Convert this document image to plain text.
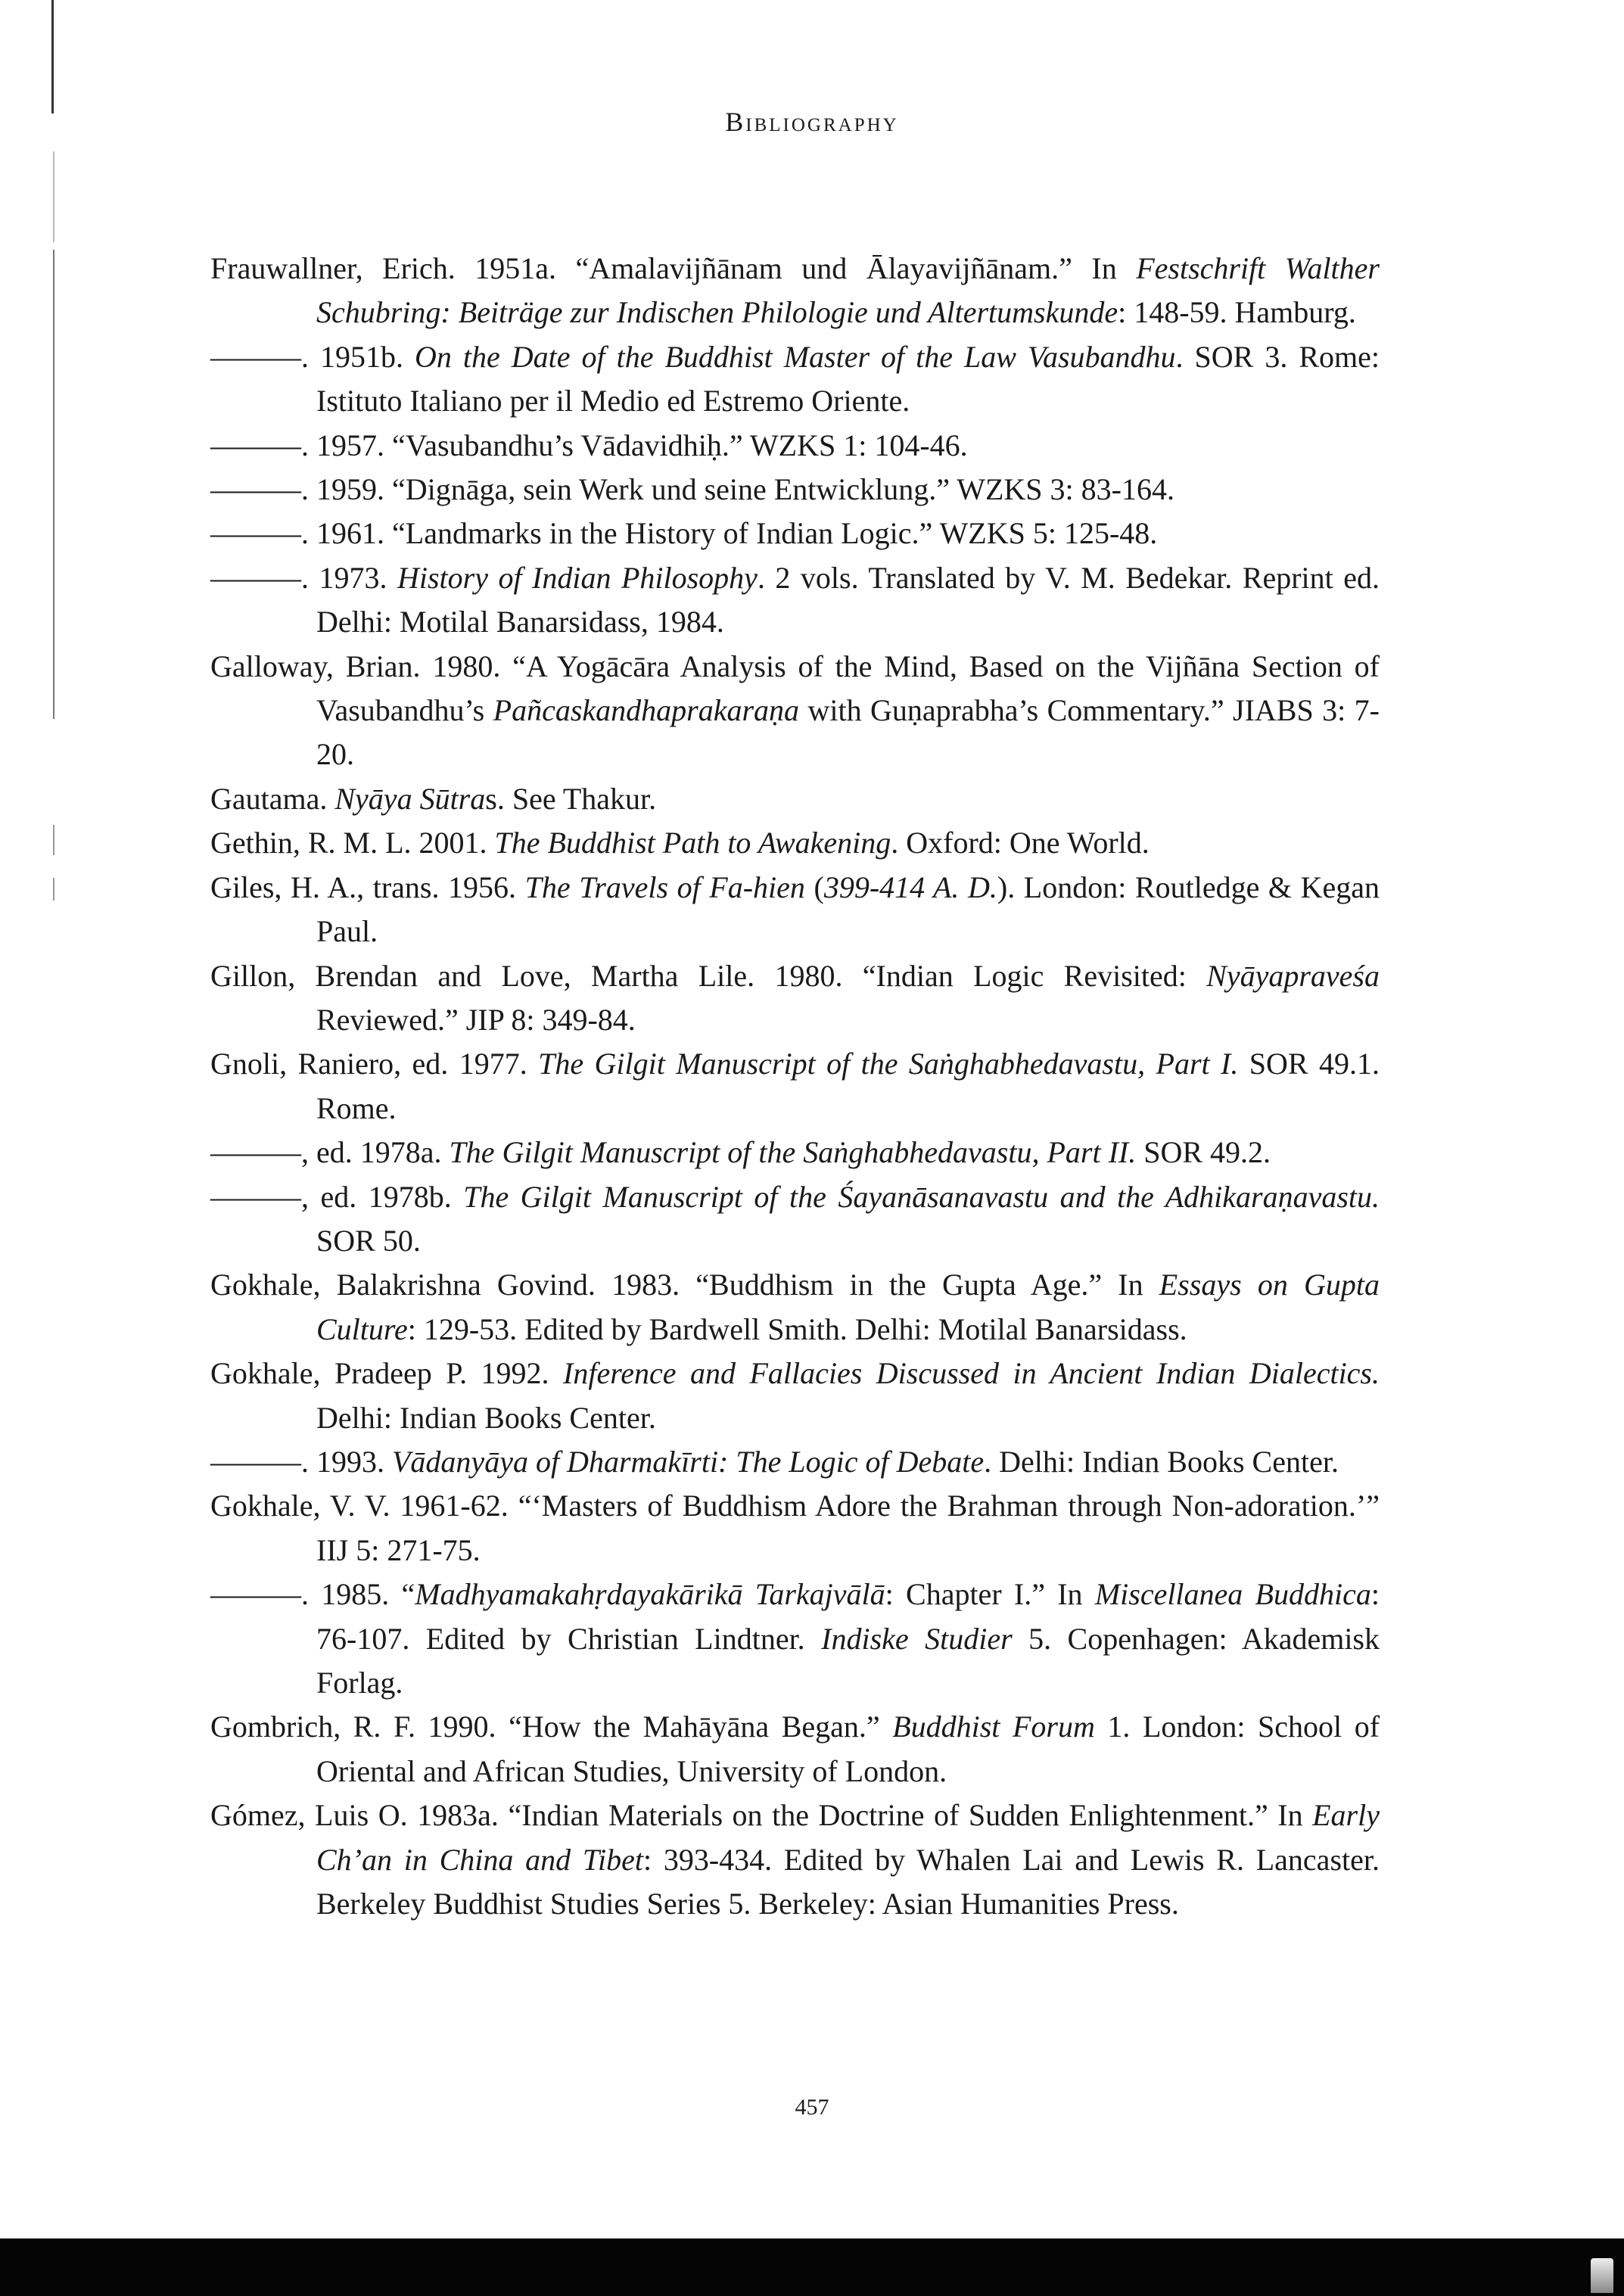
Bibliography

Frauwallner, Erich. 1951a. “Amalavijñānam und Ālayavijñānam.” In Festschrift Walther Schubring: Beiträge zur Indischen Philologie und Altertumskunde: 148-59. Hamburg.

———. 1951b. On the Date of the Buddhist Master of the Law Vasubandhu. SOR 3. Rome: Istituto Italiano per il Medio ed Estremo Oriente.

———. 1957. “Vasubandhu’s Vādavidhiḥ.” WZKS 1: 104-46.

———. 1959. “Dignāga, sein Werk und seine Entwicklung.” WZKS 3: 83-164.

———. 1961. “Landmarks in the History of Indian Logic.” WZKS 5: 125-48.

———. 1973. History of Indian Philosophy. 2 vols. Translated by V. M. Bedekar. Reprint ed. Delhi: Motilal Banarsidass, 1984.

Galloway, Brian. 1980. “A Yogācāra Analysis of the Mind, Based on the Vijñāna Section of Vasubandhu’s Pañcaskandhaprakaraṇa with Guṇaprabha’s Commentary.” JIABS 3: 7-20.

Gautama. Nyāya Sūtras. See Thakur.

Gethin, R. M. L. 2001. The Buddhist Path to Awakening. Oxford: One World.

Giles, H. A., trans. 1956. The Travels of Fa-hien (399-414 A. D.). London: Routledge & Kegan Paul.

Gillon, Brendan and Love, Martha Lile. 1980. “Indian Logic Revisited: Nyāyapraveśa Reviewed.” JIP 8: 349-84.

Gnoli, Raniero, ed. 1977. The Gilgit Manuscript of the Saṅghabhedavastu, Part I. SOR 49.1. Rome.

———, ed. 1978a. The Gilgit Manuscript of the Saṅghabhedavastu, Part II. SOR 49.2.

———, ed. 1978b. The Gilgit Manuscript of the Śayanāsanavastu and the Adhikaraṇavastu. SOR 50.

Gokhale, Balakrishna Govind. 1983. “Buddhism in the Gupta Age.” In Essays on Gupta Culture: 129-53. Edited by Bardwell Smith. Delhi: Motilal Banarsidass.

Gokhale, Pradeep P. 1992. Inference and Fallacies Discussed in Ancient Indian Dialectics. Delhi: Indian Books Center.

———. 1993. Vādanyāya of Dharmakīrti: The Logic of Debate. Delhi: Indian Books Center.

Gokhale, V. V. 1961-62. “‘Masters of Buddhism Adore the Brahman through Non-adoration.’” IIJ 5: 271-75.

———. 1985. “Madhyamakahṛdayakārikā Tarkajvālā: Chapter I.” In Miscellanea Buddhica: 76-107. Edited by Christian Lindtner. Indiske Studier 5. Copenhagen: Akademisk Forlag.

Gombrich, R. F. 1990. “How the Mahāyāna Began.” Buddhist Forum 1. London: School of Oriental and African Studies, University of London.

Gómez, Luis O. 1983a. “Indian Materials on the Doctrine of Sudden Enlightenment.” In Early Ch’an in China and Tibet: 393-434. Edited by Whalen Lai and Lewis R. Lancaster. Berkeley Buddhist Studies Series 5. Berkeley: Asian Humanities Press.

457
